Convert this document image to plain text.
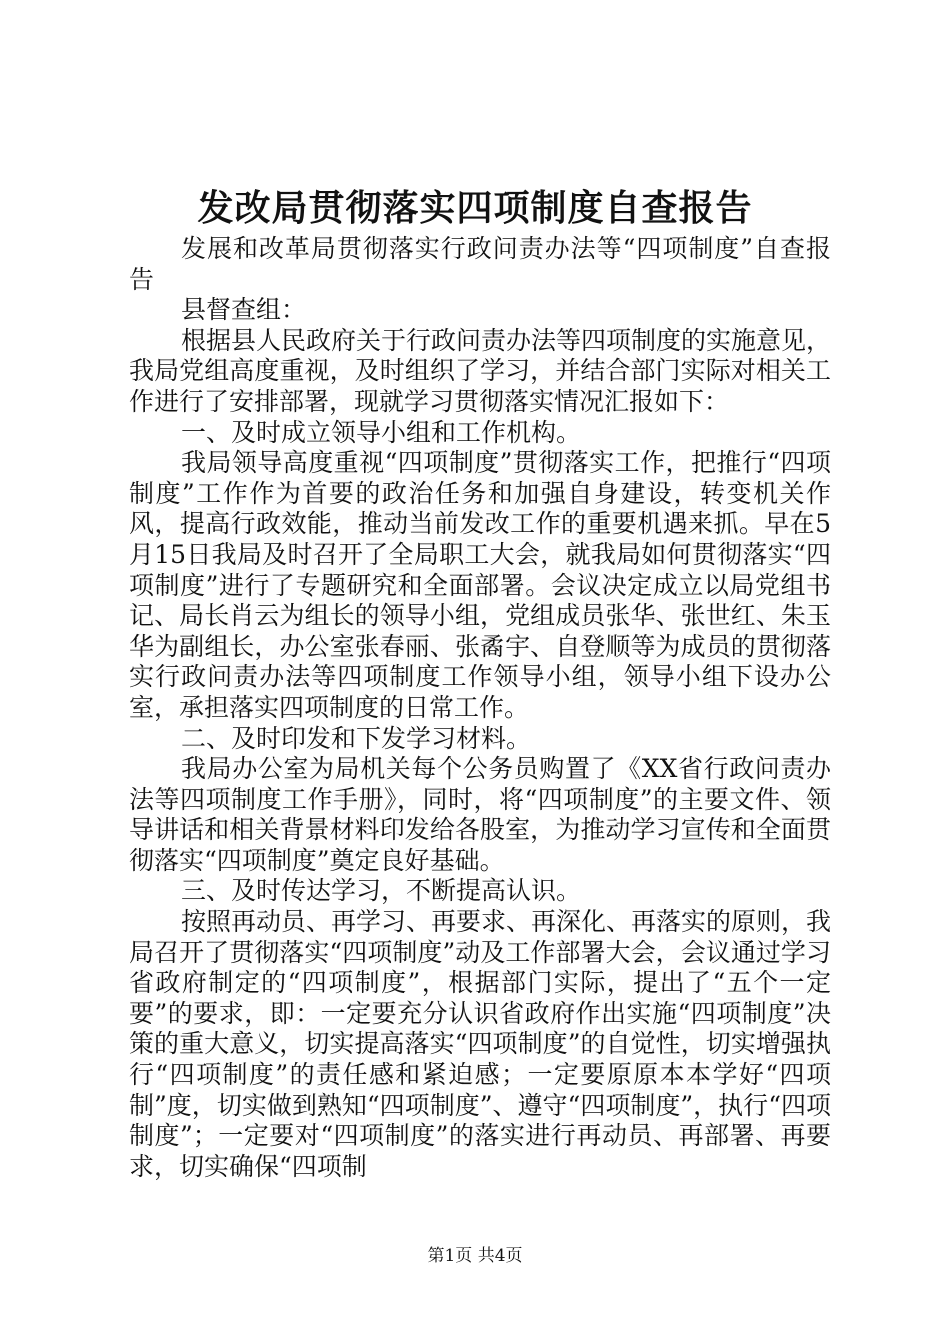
发改局贯彻落实四项制度自查报告

发展和改革局贯彻落实行政问责办法等“四项制度”自查报告

县督查组：

根据县人民政府关于行政问责办法等四项制度的实施意见，我局党组高度重视，及时组织了学习，并结合部门实际对相关工作进行了安排部署，现就学习贯彻落实情况汇报如下：

一、及时成立领导小组和工作机构。

我局领导高度重视“四项制度”贯彻落实工作，把推行“四项制度”工作作为首要的政治任务和加强自身建设，转变机关作风，提高行政效能，推动当前发改工作的重要机遇来抓。早在5月15日我局及时召开了全局职工大会，就我局如何贯彻落实“四项制度”进行了专题研究和全面部署。会议决定成立以局党组书记、局长肖云为组长的领导小组，党组成员张华、张世红、朱玉华为副组长，办公室张春丽、张矞宇、自登顺等为成员的贯彻落实行政问责办法等四项制度工作领导小组，领导小组下设办公室，承担落实四项制度的日常工作。

二、及时印发和下发学习材料。

我局办公室为局机关每个公务员购置了《XX省行政问责办法等四项制度工作手册》，同时，将“四项制度”的主要文件、领导讲话和相关背景材料印发给各股室，为推动学习宣传和全面贯彻落实“四项制度”奠定良好基础。

三、及时传达学习，不断提高认识。

按照再动员、再学习、再要求、再深化、再落实的原则，我局召开了贯彻落实“四项制度”动及工作部署大会，会议通过学习省政府制定的“四项制度”，根据部门实际，提出了“五个一定要”的要求，即：一定要充分认识省政府作出实施“四项制度”决策的重大意义，切实提高落实“四项制度”的自觉性，切实增强执行“四项制度”的责任感和紧迫感；一定要原原本本学好“四项制”度，切实做到熟知“四项制度”、遵守“四项制度”，执行“四项制度”；一定要对“四项制度”的落实进行再动员、再部署、再要求，切实确保“四项制

第1页 共4页
